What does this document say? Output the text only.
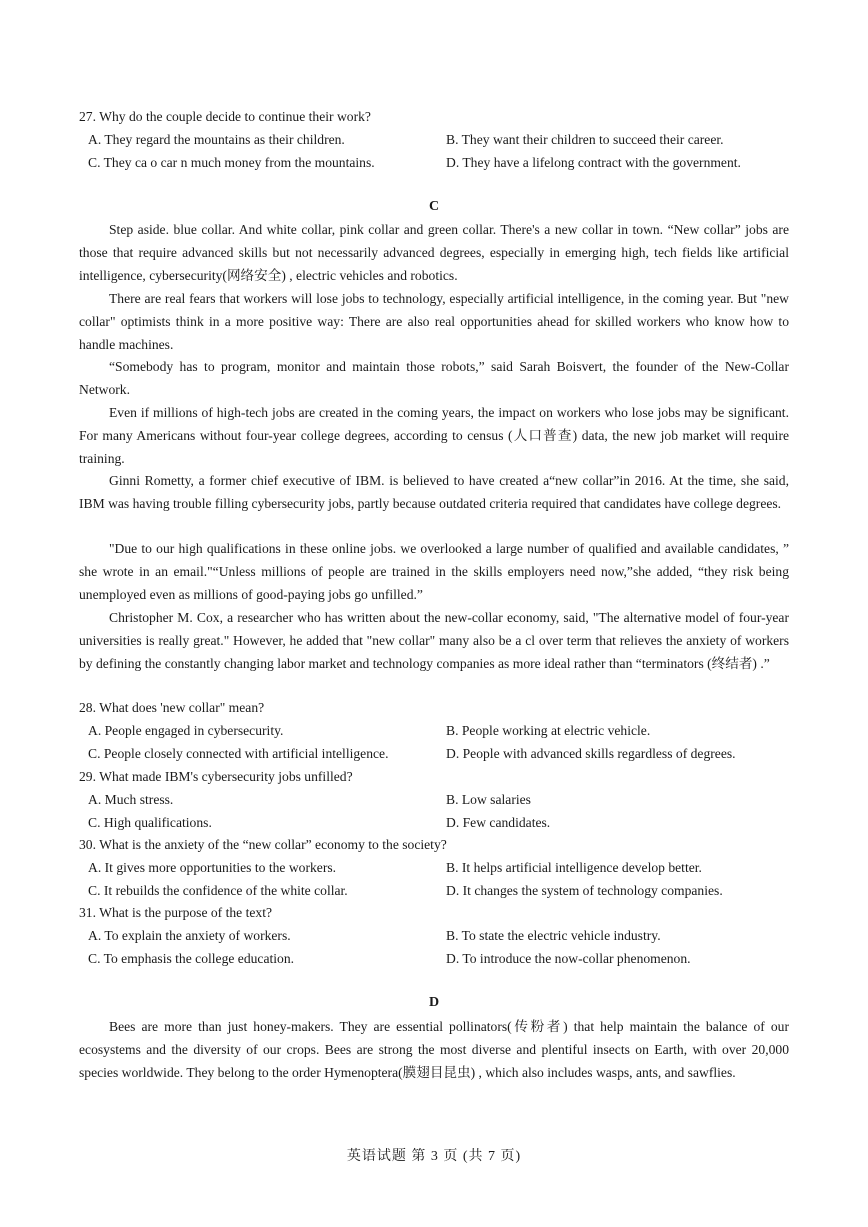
27. Why do the couple decide to continue their work?
A. They regard the mountains as their children.	B. They want their children to succeed their career.
C. They ca o car n much money from the mountains.	D. They have a lifelong contract with the government.
C
Step aside. blue collar. And white collar, pink collar and green collar. There's a new collar in town. “New collar” jobs are those that require advanced skills but not necessarily advanced degrees, especially in emerging high, tech fields like artificial intelligence, cybersecurity(网络安全) , electric vehicles and robotics.
There are real fears that workers will lose jobs to technology, especially artificial intelligence, in the coming year. But "new collar" optimists think in a more positive way: There are also real opportunities ahead for skilled workers who know how to handle machines.
“Somebody has to program, monitor and maintain those robots,” said Sarah Boisvert, the founder of the New-Collar Network.
Even if millions of high-tech jobs are created in the coming years, the impact on workers who lose jobs may be significant. For many Americans without four-year college degrees, according to census (人口普查) data, the new job market will require training.
Ginni Rometty, a former chief executive of IBM. is believed to have created a“new collar”in 2016. At the time, she said, IBM was having trouble filling cybersecurity jobs, partly because outdated criteria required that candidates have college degrees.
"Due to our high qualifications in these online jobs. we overlooked a large number of qualified and available candidates, ” she wrote in an email."“Unless millions of people are trained in the skills employers need now,”she added, “they risk being unemployed even as millions of good-paying jobs go unfilled.”
Christopher M. Cox, a researcher who has written about the new-collar economy, said, "The alternative model of four-year universities is really great." However, he added that "new collar" many also be a cl over term that relieves the anxiety of workers by defining the constantly changing labor market and technology companies as more ideal rather than “terminators (终结者) .”
28. What does 'new collar" mean?
A. People engaged in cybersecurity.	B. People working at electric vehicle.
C. People closely connected with artificial intelligence.	D. People with advanced skills regardless of degrees.
29. What made IBM's cybersecurity jobs unfilled?
A. Much stress.	B. Low salaries
C. High qualifications.	D. Few candidates.
30. What is the anxiety of the “new collar” economy to the society?
A. It gives more opportunities to the workers.	B. It helps artificial intelligence develop better.
C. It rebuilds the confidence of the white collar.	D. It changes the system of technology companies.
31. What is the purpose of the text?
A. To explain the anxiety of workers.	B. To state the electric vehicle industry.
C. To emphasis the college education.	D. To introduce the now-collar phenomenon.
D
Bees are more than just honey-makers. They are essential pollinators(传粉者) that help maintain the balance of our ecosystems and the diversity of our crops. Bees are strong the most diverse and plentiful insects on Earth, with over 20,000 species worldwide. They belong to the order Hymenoptera(膜翅目昆虫) , which also includes wasps, ants, and sawflies.
英语试题 第 3 页 (共 7 页)
